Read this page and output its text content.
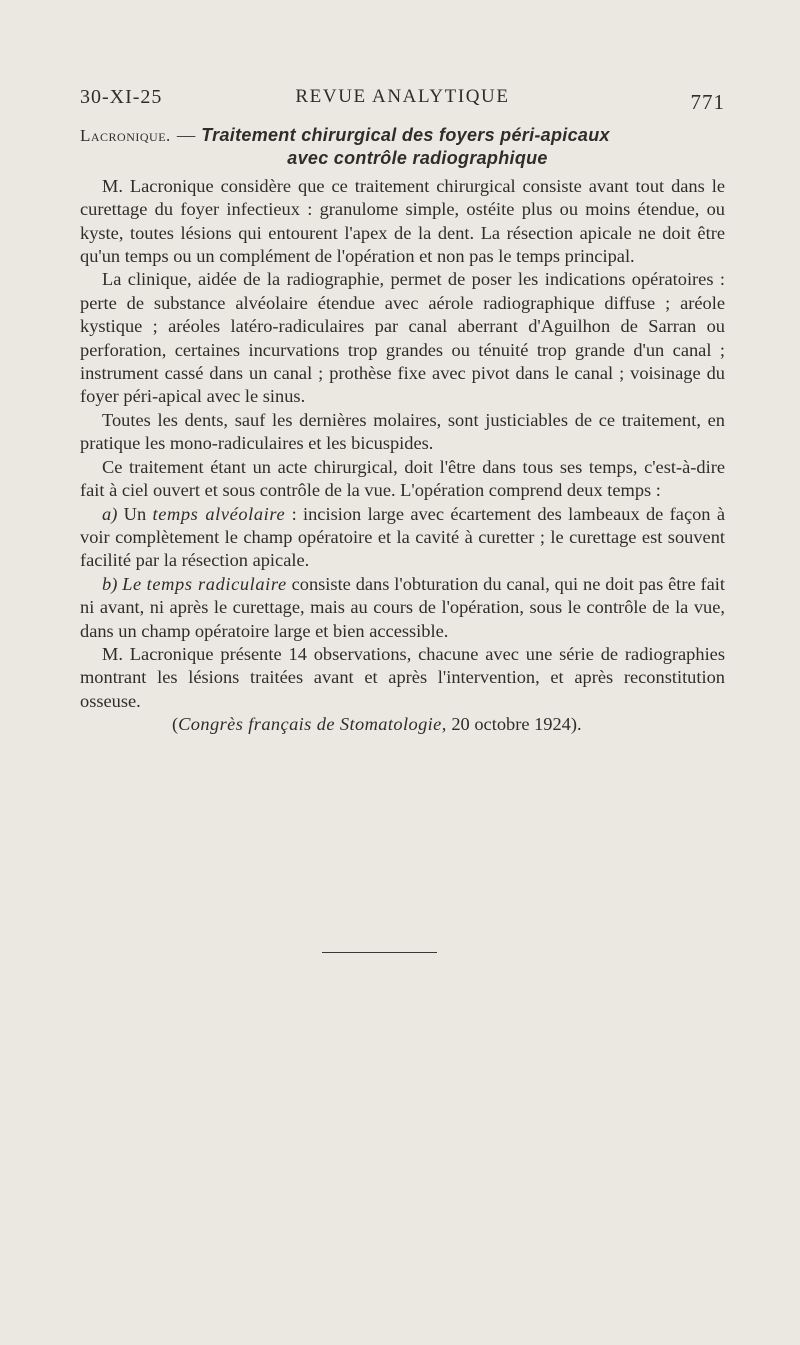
30-XI-25	REVUE ANALYTIQUE	771

Lacronique. — Traitement chirurgical des foyers péri-apicaux

avec contrôle radiographique

M. Lacronique considère que ce traitement chirurgical consiste avant tout dans le curettage du foyer infectieux : granulome simple, ostéite plus ou moins étendue, ou kyste, toutes lésions qui entourent l'apex de la dent. La résection apicale ne doit être qu'un temps ou un complément de l'opération et non pas le temps principal.

La clinique, aidée de la radiographie, permet de poser les indications opératoires : perte de substance alvéolaire étendue avec aérole radiographique diffuse ; aréole kystique ; aréoles latéro-radiculaires par canal aberrant d'Aguilhon de Sarran ou perforation, certaines incurvations trop grandes ou ténuité trop grande d'un canal ; instrument cassé dans un canal ; prothèse fixe avec pivot dans le canal ; voisinage du foyer péri-apical avec le sinus.

Toutes les dents, sauf les dernières molaires, sont justiciables de ce traitement, en pratique les mono-radiculaires et les bicuspides.

Ce traitement étant un acte chirurgical, doit l'être dans tous ses temps, c'est-à-dire fait à ciel ouvert et sous contrôle de la vue. L'opération comprend deux temps :

a) Un temps alvéolaire : incision large avec écartement des lambeaux de façon à voir complètement le champ opératoire et la cavité à curetter ; le curettage est souvent facilité par la résection apicale.

b) Le temps radiculaire consiste dans l'obturation du canal, qui ne doit pas être fait ni avant, ni après le curettage, mais au cours de l'opération, sous le contrôle de la vue, dans un champ opératoire large et bien accessible.

M. Lacronique présente 14 observations, chacune avec une série de radiographies montrant les lésions traitées avant et après l'intervention, et après reconstitution osseuse.

(Congrès français de Stomatologie, 20 octobre 1924).
